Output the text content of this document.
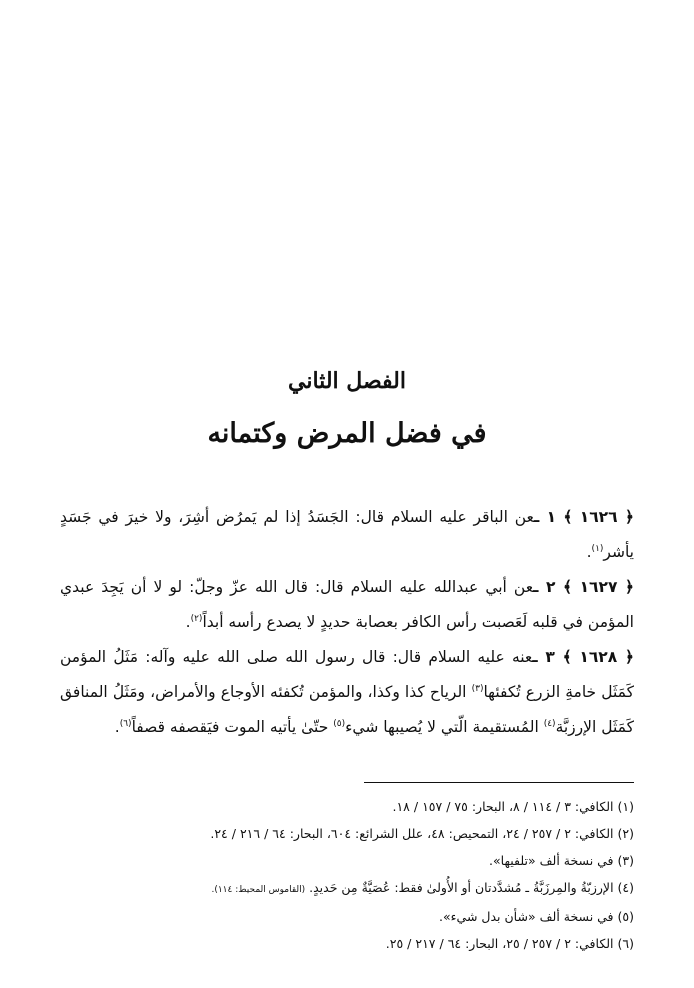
الفصل الثاني
في فضل المرض وكتمانه

﴿ ١٦٢٦ ﴾ ١ ـعن الباقر عليه السلام قال: الجَسَدُ إذا لم يَمرُض أشِرَ، ولا خيرَ في جَسَدٍ يأشر$^{(١)}$.

﴿ ١٦٢٧ ﴾ ٢ ـعن أبي عبدالله عليه السلام قال: قال الله عزّ وجلّ: لو لا أن يَجِدَ عبدي المؤمن في قلبه لَعَصبت رأس الكافر بعصابة حديدٍ لا يصدع رأسه أبداً$^{(٢)}$.

﴿ ١٦٢٨ ﴾ ٣ ـعنه عليه السلام قال: قال رسول الله صلى الله عليه وآله: مَثَلُ المؤمن كَمَثَل خامةِ الزرع تُكفئها$^{(٣)}$ الرياح كذا وكذا، والمؤمن تُكفئه الأوجاع والأمراض، ومَثَلُ المنافق كَمَثَل الإرزبَّة$^{(٤)}$ المُستقيمة الّتي لا يُصيبها شيء$^{(٥)}$ حتّىٰ يأتيه الموت فيَقصفه قصفاً$^{(٦)}$.

(١) الكافي: ٣ / ١١٤ / ٨، البحار: ٧٥ / ١٥٧ / ١٨.
(٢) الكافي: ٢ / ٢٥٧ / ٢٤، التمحيص: ٤٨، علل الشرائع: ٦٠٤، البحار: ٦٤ / ٢١٦ / ٢٤.
(٣) في نسخة ألف «تلفيها».
(٤) الإرزبّةُ والمِرزَبَّةُ ـ مُشدَّدتان أو الأُولىٰ فقط: عُصَيَّةٌ مِن حَديدٍ. (القاموس المحيط: ١١٤).
(٥) في نسخة ألف «شأن بدل شيء».
(٦) الكافي: ٢ / ٢٥٧ / ٢٥، البحار: ٦٤ / ٢١٧ / ٢٥.
